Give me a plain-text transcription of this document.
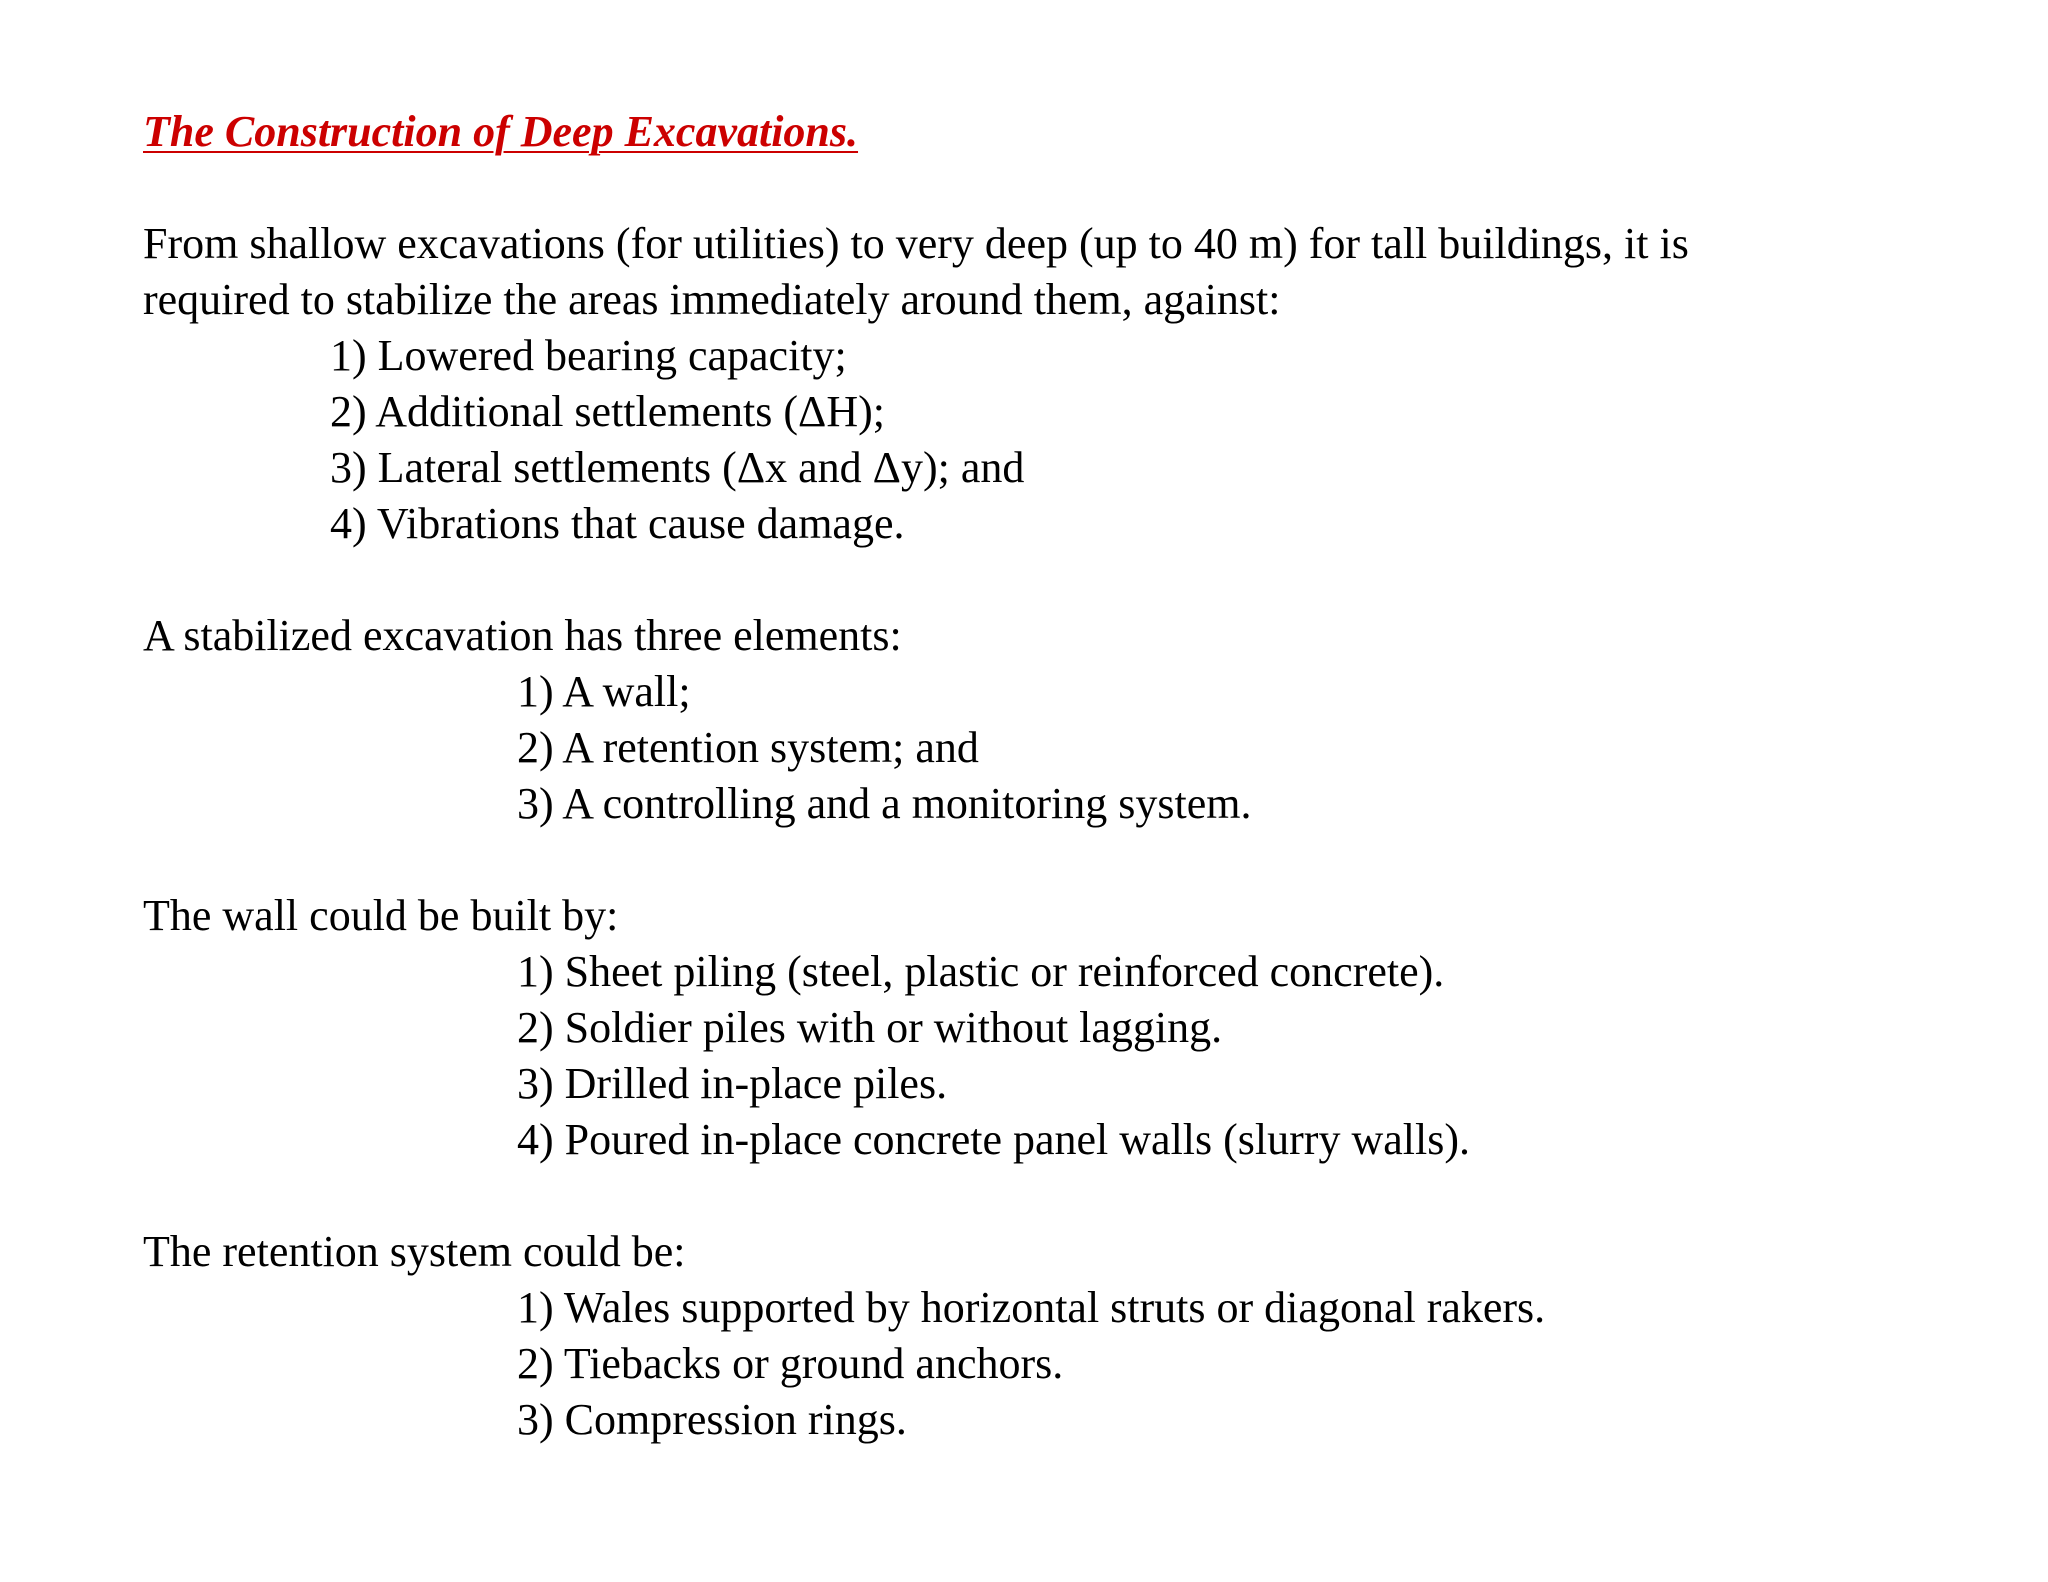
The Construction of Deep Excavations.

From shallow excavations (for utilities) to very deep (up to 40 m) for tall buildings, it is

required to stabilize the areas immediately around them, against:

1) Lowered bearing capacity;
2) Additional settlements (ΔH);
3) Lateral settlements (Δx and Δy); and
4) Vibrations that cause damage.

A stabilized excavation has three elements:

1) A wall;
2) A retention system; and
3) A controlling and a monitoring system.

The wall could be built by:

1) Sheet piling (steel, plastic or reinforced concrete).
2) Soldier piles with or without lagging.
3) Drilled in-place piles.
4) Poured in-place concrete panel walls (slurry walls).

The retention system could be:

1) Wales supported by horizontal struts or diagonal rakers.
2) Tiebacks or ground anchors.
3) Compression rings.
